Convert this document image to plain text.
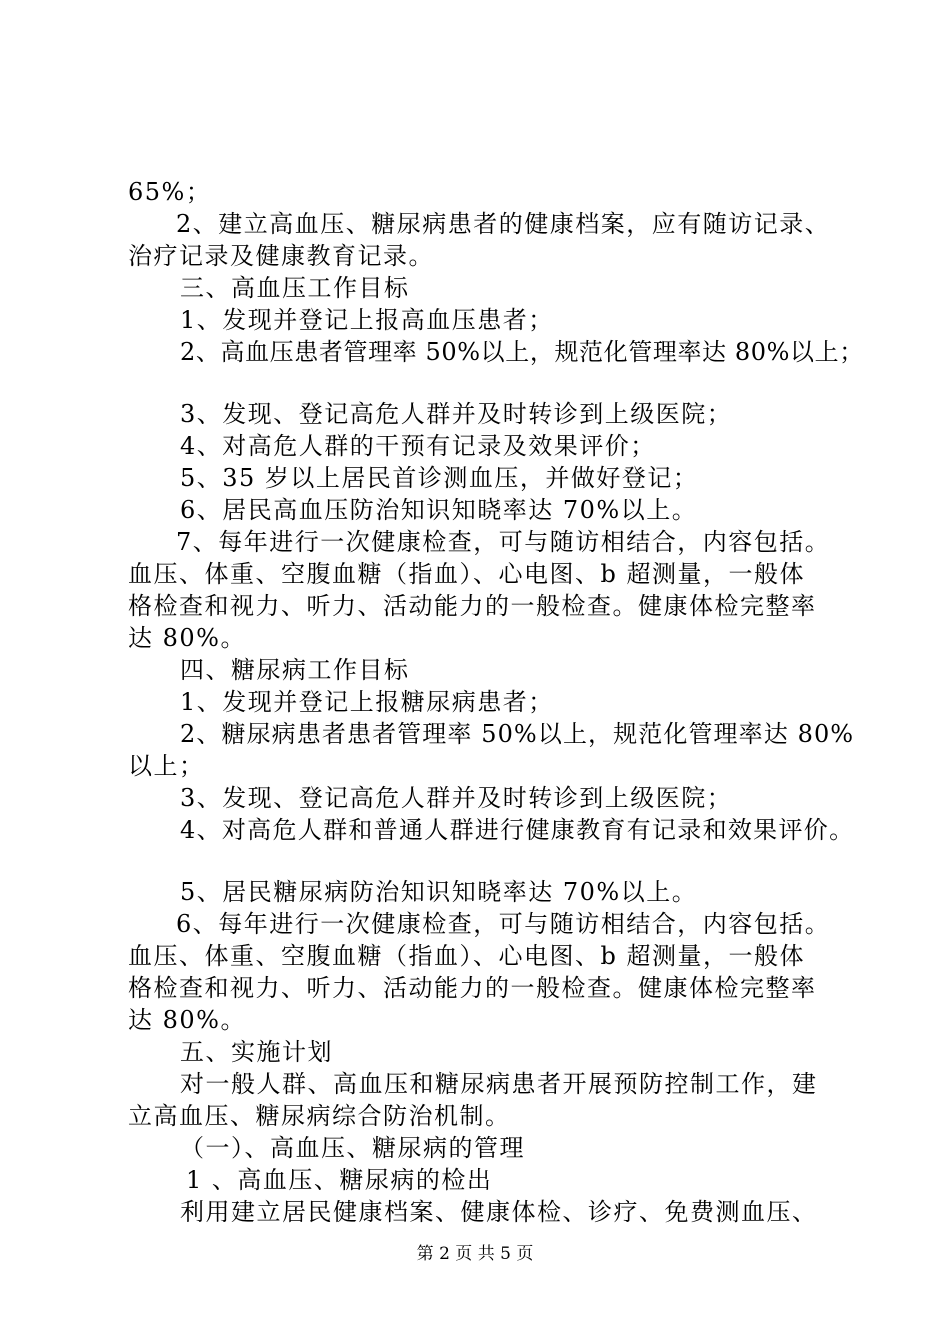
65%；
2、建立高血压、糖尿病患者的健康档案，应有随访记录、
治疗记录及健康教育记录。
三、高血压工作目标
1、发现并登记上报高血压患者；
2、高血压患者管理率 50%以上，规范化管理率达 80%以上；
3、发现、登记高危人群并及时转诊到上级医院；
4、对高危人群的干预有记录及效果评价；
5、35 岁以上居民首诊测血压，并做好登记；
6、居民高血压防治知识知晓率达 70%以上。
7、每年进行一次健康检查，可与随访相结合，内容包括。
血压、体重、空腹血糖（指血）、心电图、b 超测量，一般体
格检查和视力、听力、活动能力的一般检查。健康体检完整率
达 80%。
四、糖尿病工作目标
1、发现并登记上报糖尿病患者；
2、糖尿病患者患者管理率 50%以上，规范化管理率达 80%
以上；
3、发现、登记高危人群并及时转诊到上级医院；
4、对高危人群和普通人群进行健康教育有记录和效果评价。
5、居民糖尿病防治知识知晓率达 70%以上。
6、每年进行一次健康检查，可与随访相结合，内容包括。
血压、体重、空腹血糖（指血）、心电图、b 超测量，一般体
格检查和视力、听力、活动能力的一般检查。健康体检完整率
达 80%。
五、实施计划
对一般人群、高血压和糖尿病患者开展预防控制工作，建
立高血压、糖尿病综合防治机制。
（一）、高血压、糖尿病的管理
1 、高血压、糖尿病的检出
利用建立居民健康档案、健康体检、诊疗、免费测血压、
第 2 页 共 5 页
